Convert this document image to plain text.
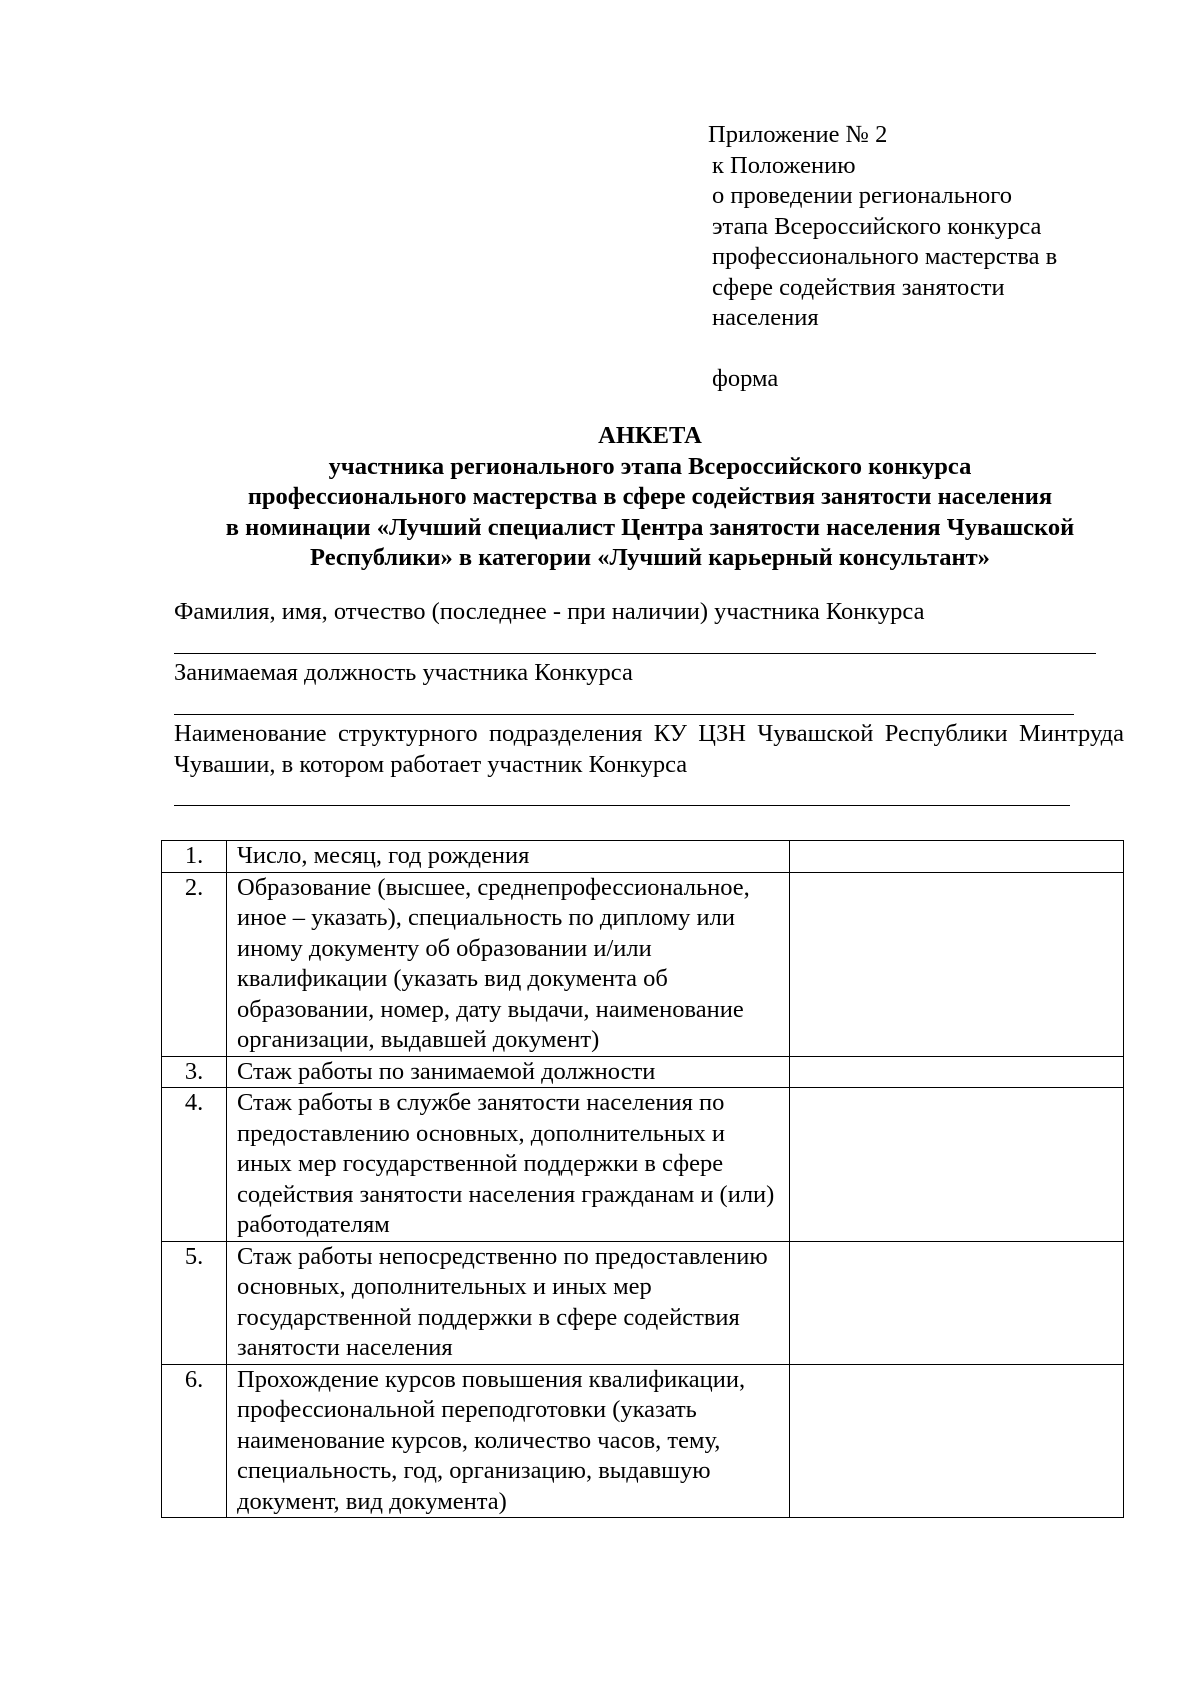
Приложение № 2
к Положению
о проведении регионального
этапа Всероссийского конкурса
профессионального мастерства в
сфере содействия занятости
населения
форма
АНКЕТА
участника регионального этапа Всероссийского конкурса
профессионального мастерства в сфере содействия занятости населения
в номинации «Лучший специалист Центра занятости населения Чувашской
Республики» в категории «Лучший карьерный консультант»
Фамилия, имя, отчество (последнее - при наличии) участника Конкурса
Занимаемая должность участника Конкурса
Наименование структурного подразделения КУ ЦЗН Чувашской Республики Минтруда Чувашии, в котором работает участник Конкурса
1.	Число, месяц, год рождения	
2.	Образование (высшее, среднепрофессиональное, иное – указать), специальность по диплому или иному документу об образовании и/или квалификации (указать вид документа об образовании, номер, дату выдачи, наименование организации, выдавшей документ)	
3.	Стаж работы по занимаемой должности	
4.	Стаж работы в службе занятости населения по предоставлению основных, дополнительных и иных мер государственной поддержки в сфере содействия занятости населения гражданам и (или) работодателям	
5.	Стаж работы непосредственно по предоставлению основных, дополнительных и иных мер государственной поддержки в сфере содействия занятости населения	
6.	Прохождение курсов повышения квалификации, профессиональной переподготовки (указать наименование курсов, количество часов, тему, специальность, год, организацию, выдавшую документ, вид документа)	
